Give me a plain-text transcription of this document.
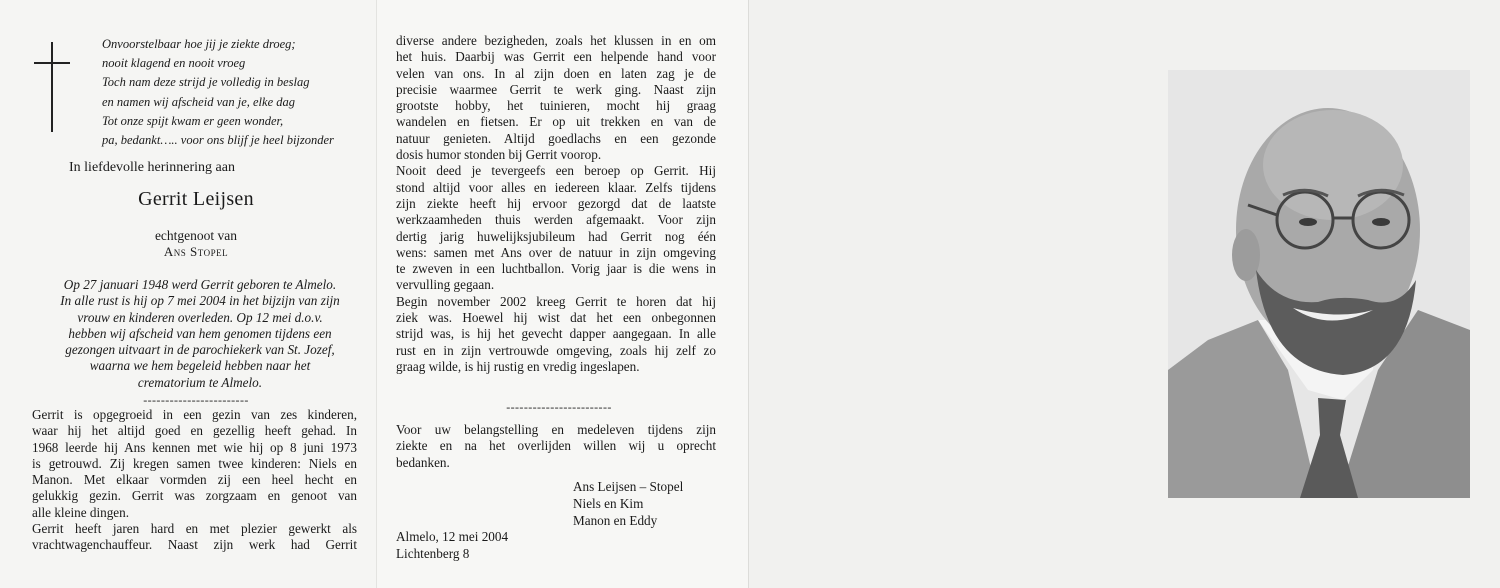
Onvoorstelbaar hoe jij je ziekte droeg;
nooit klagend en nooit vroeg
Toch nam deze strijd je volledig in beslag
en namen wij afscheid van je, elke dag
Tot onze spijt kwam er geen wonder,
pa, bedankt….. voor ons blijf je heel bijzonder
In liefdevolle herinnering aan
Gerrit Leijsen
echtgenoot van
Ans Stopel
Op 27 januari 1948 werd Gerrit geboren te Almelo.
In alle rust is hij op 7 mei 2004 in het bijzijn van zijn
vrouw en kinderen overleden. Op 12 mei d.o.v.
hebben wij afscheid van hem genomen tijdens een
gezongen uitvaart in de parochiekerk van St. Jozef,
waarna we hem begeleid hebben naar het
crematorium te Almelo.
------------------------
Gerrit is opgegroeid in een gezin van zes kinderen,
waar hij het altijd goed en gezellig heeft gehad. In
1968 leerde hij Ans kennen met wie hij op 8 juni 1973
is getrouwd. Zij kregen samen twee kinderen: Niels en
Manon. Met elkaar vormden zij een heel hecht en
gelukkig gezin. Gerrit was zorgzaam en genoot van
alle kleine dingen.
Gerrit heeft jaren hard en met plezier gewerkt als
vrachtwagenchauffeur. Naast zijn werk had Gerrit
diverse andere bezigheden, zoals het klussen in en om
het huis. Daarbij was Gerrit een helpende hand voor
velen van ons. In al zijn doen en laten zag je de
precisie waarmee Gerrit te werk ging. Naast zijn
grootste hobby, het tuinieren, mocht hij graag
wandelen en fietsen. Er op uit trekken en van de
natuur genieten. Altijd goedlachs en een gezonde
dosis humor stonden bij Gerrit voorop.
Nooit deed je tevergeefs een beroep op Gerrit. Hij
stond altijd voor alles en iedereen klaar. Zelfs tijdens
zijn ziekte heeft hij ervoor gezorgd dat de laatste
werkzaamheden thuis werden afgemaakt. Voor zijn
dertig jarig huwelijksjubileum had Gerrit nog één
wens: samen met Ans over de natuur in zijn omgeving
te zweven in een luchtballon. Vorig jaar is die wens in
vervulling gegaan.
Begin november 2002 kreeg Gerrit te horen dat hij
ziek was. Hoewel hij wist dat het een onbegonnen
strijd was, is hij het gevecht dapper aangegaan. In alle
rust en in zijn vertrouwde omgeving, zoals hij zelf zo
graag wilde, is hij rustig en vredig ingeslapen.
------------------------
Voor uw belangstelling en medeleven tijdens zijn
ziekte en na het overlijden willen wij u oprecht
bedanken.
Ans Leijsen – Stopel
Niels en Kim
Manon en Eddy
Almelo, 12 mei 2004
Lichtenberg 8
